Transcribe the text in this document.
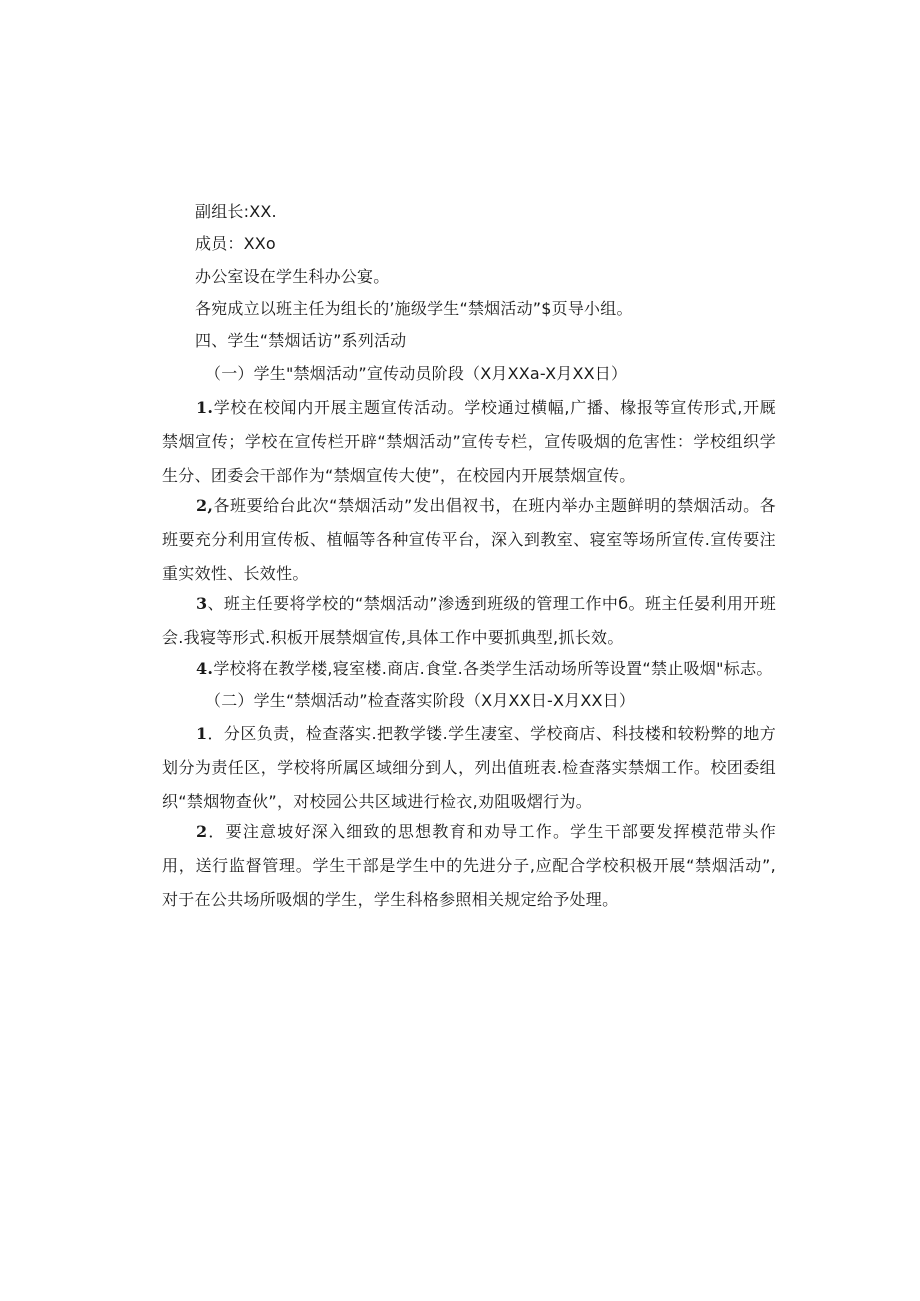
副组长:XX.
成员：XXo
办公室设在学生科办公宴。
各宛成立以班主任为组长的’施级学生“禁烟活动”$页导小组。
四、学生“禁烟话访”系列活动
（一）学生"禁烟活动”宣传动员阶段（X月XXa-X月XX日）
1.学校在校闻内开展主题宣传活动。学校通过横幅,广播、椽报等宣传形式,开厩禁烟宣传；学校在宣传栏开辟“禁烟活动”宣传专栏，宣传吸烟的危害性：学校组织学生分、团委会干部作为“禁烟宣传大使”，在校园内开展禁烟宣传。
2,各班要给台此次“禁烟活动”发出倡衩书，在班内举办主题鲜明的禁烟活动。各班要充分利用宣传板、植幅等各种宣传平台，深入到教室、寝室等场所宣传.宣传要注重实效性、长效性。
3、班主任要将学校的“禁烟活动”渗透到班级的管理工作中б。班主任晏利用开班会.我寝等形式.积板开展禁烟宣传,具体工作中要抓典型,抓长效。
4.学校将在教学楼,寝室楼.商店.食堂.各类学生活动场所等设置“禁止吸烟"标志。
（二）学生“禁烟活动”检查落实阶段（X月XX日-X月XX日）
1．分区负责，检查落实.把教学镂.学生凄室、学校商店、科技楼和较粉弊的地方划分为责任区，学校将所属区域细分到人，列出值班表.检查落实禁烟工作。校团委组织“禁烟物查伙”，对校园公共区域进行检衣,劝阻吸熠行为。
2．要注意坡好深入细致的思想教育和劝导工作。学生干部要发挥模范带头作用，送行监督管理。学生干部是学生中的先进分子,应配合学校积极开展“禁烟活动”,对于在公共场所吸烟的学生，学生科格参照相关规定给予处理。
